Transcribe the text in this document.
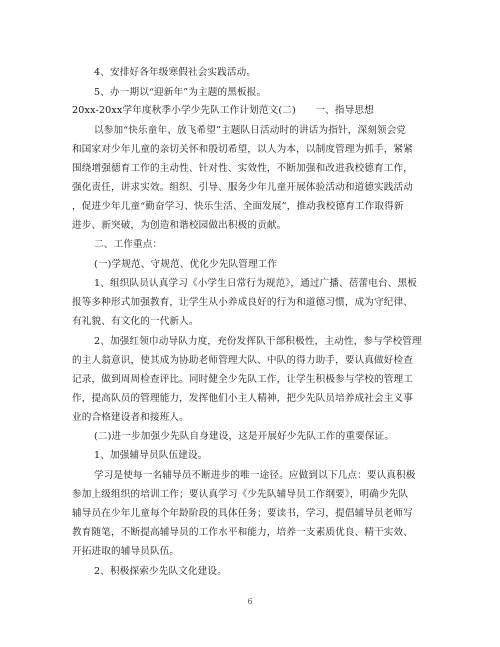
4、安排好各年级寒假社会实践活动。
5、办一期以“迎新年”为主题的黑板报。
20xx-20xx学年度秋季小学少先队工作计划范文(二)　　一、指导思想
以参加“快乐童年、放飞希望”主题队日活动时的讲话为指针，深刻领会党
和国家对少年儿童的亲切关怀和殷切希望，以人为本，以制度管理为抓手，紧紧
围绕增强德育工作的主动性、针对性、实效性，不断加强和改进我校德育工作，
强化责任，讲求实效。组织、引导、服务少年儿童开展体验活动和道德实践活动
，促进少年儿童“勤奋学习、快乐生活、全面发展”，推动我校德育工作取得新
进步、新突破，为创造和谐校园做出积极的贡献。
二、工作重点：
(一)学规范、守规范、优化少先队管理工作
1、组织队员认真学习《小学生日常行为规范》，通过广播、蓓蕾电台、黑板
报等多种形式加强教育，让学生从小养成良好的行为和道德习惯，成为守纪律、
有礼貌、有文化的一代新人。
2、加强红领巾动导队力度，充份发挥队干部积极性，主动性，参与学校管理
的主人翁意识，使其成为协助老师管理大队、中队的得力助手，要认真做好检查
记录，做到周周检查评比。同时健全少先队工作，让学生积极参与学校的管理工
作，提高队员的管理能力，发挥他们小主人精神，把少先队员培养成社会主义事
业的合格建设者和接班人。
(二)进一步加强少先队自身建设，这是开展好少先队工作的重要保证。
1、加强辅导员队伍建设。
学习是使每一名辅导员不断进步的唯一途径。应做到以下几点：要认真积极
参加上级组织的培训工作；要认真学习《少先队辅导员工作纲要》，明确少先队
辅导员在少年儿童每个年龄阶段的具体任务；要读书，学习，提倡辅导员老师写
教育随笔，不断提高辅导员的工作水平和能力，培养一支素质优良、精干实效、
开拓进取的辅导员队伍。
2、积极探索少先队文化建设。
6
